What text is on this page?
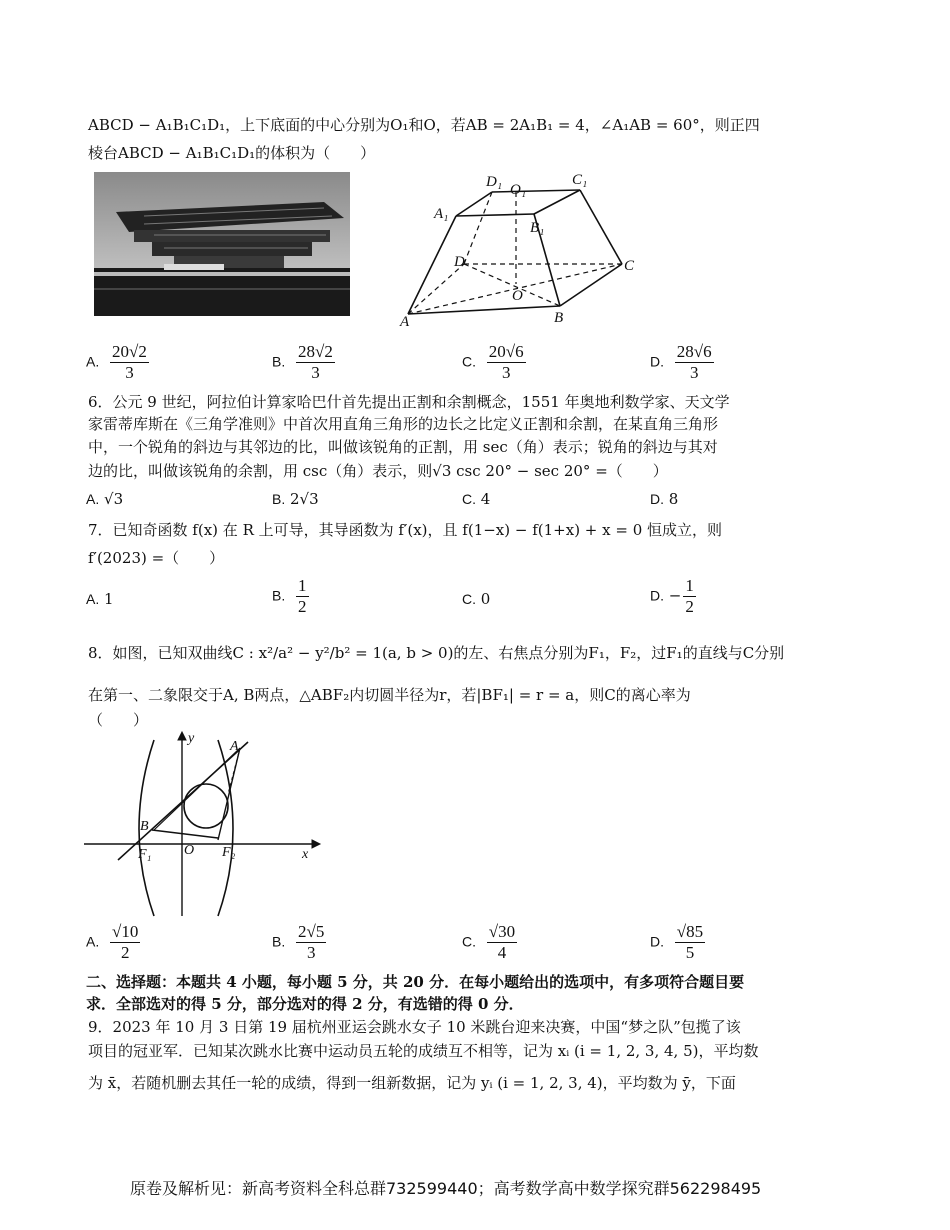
ABCD − A₁B₁C₁D₁，上下底面的中心分别为O₁和O，若AB = 2A₁B₁ = 4，∠A₁AB = 60°，则正四
棱台ABCD − A₁B₁C₁D₁的体积为（　　）
D₁ O₁
C₁
A₁
B₁
D	C
O
A	B
A. $\frac{20√2}{3}$	B. $\frac{28√2}{3}$	C. $\frac{20√6}{3}$	D. $\frac{28√6}{3}$
6．公元 9 世纪，阿拉伯计算家哈巴什首先提出正割和余割概念，1551 年奥地利数学家、天文学
家雷蒂库斯在《三角学准则》中首次用直角三角形的边长之比定义正割和余割，在某直角三角形
中，一个锐角的斜边与其邻边的比，叫做该锐角的正割，用 sec（角）表示；锐角的斜边与其对
边的比，叫做该锐角的余割，用 csc（角）表示，则√3 csc 20° − sec 20° =（　　）
A. √3	B. 2√3	C. 4	D. 8
7．已知奇函数 f(x) 在 R 上可导，其导函数为 f′(x)，且 f(1−x) − f(1+x) + x = 0 恒成立，则
f′(2023) =（　　）
A. 1	B. $\frac{1}{2}$	C. 0	D. − $\frac{1}{2}$
8．如图，已知双曲线C : x²/a² − y²/b² = 1(a, b > 0)的左、右焦点分别为F₁，F₂，过F₁的直线与C分别
在第一、二象限交于A, B两点，△ABF₂内切圆半径为r，若|BF₁| = r = a，则C的离心率为
（　　）
y
x
A
B
O
F₁	F₂
A. $\frac{√10}{2}$	B. $\frac{2√5}{3}$	C. $\frac{√30}{4}$	D. $\frac{√85}{5}$
二、选择题：本题共 4 小题，每小题 5 分，共 20 分．在每小题给出的选项中，有多项符合题目要
求．全部选对的得 5 分，部分选对的得 2 分，有选错的得 0 分．
9．2023 年 10 月 3 日第 19 届杭州亚运会跳水女子 10 米跳台迎来决赛，中国“梦之队”包揽了该
项目的冠亚军．已知某次跳水比赛中运动员五轮的成绩互不相等，记为 xᵢ (i = 1, 2, 3, 4, 5)，平均数
为 x̄，若随机删去其任一轮的成绩，得到一组新数据，记为 yᵢ (i = 1, 2, 3, 4)，平均数为 ȳ，下面
原卷及解析见：新高考资料全科总群732599440；高考数学高中数学探究群562298495
